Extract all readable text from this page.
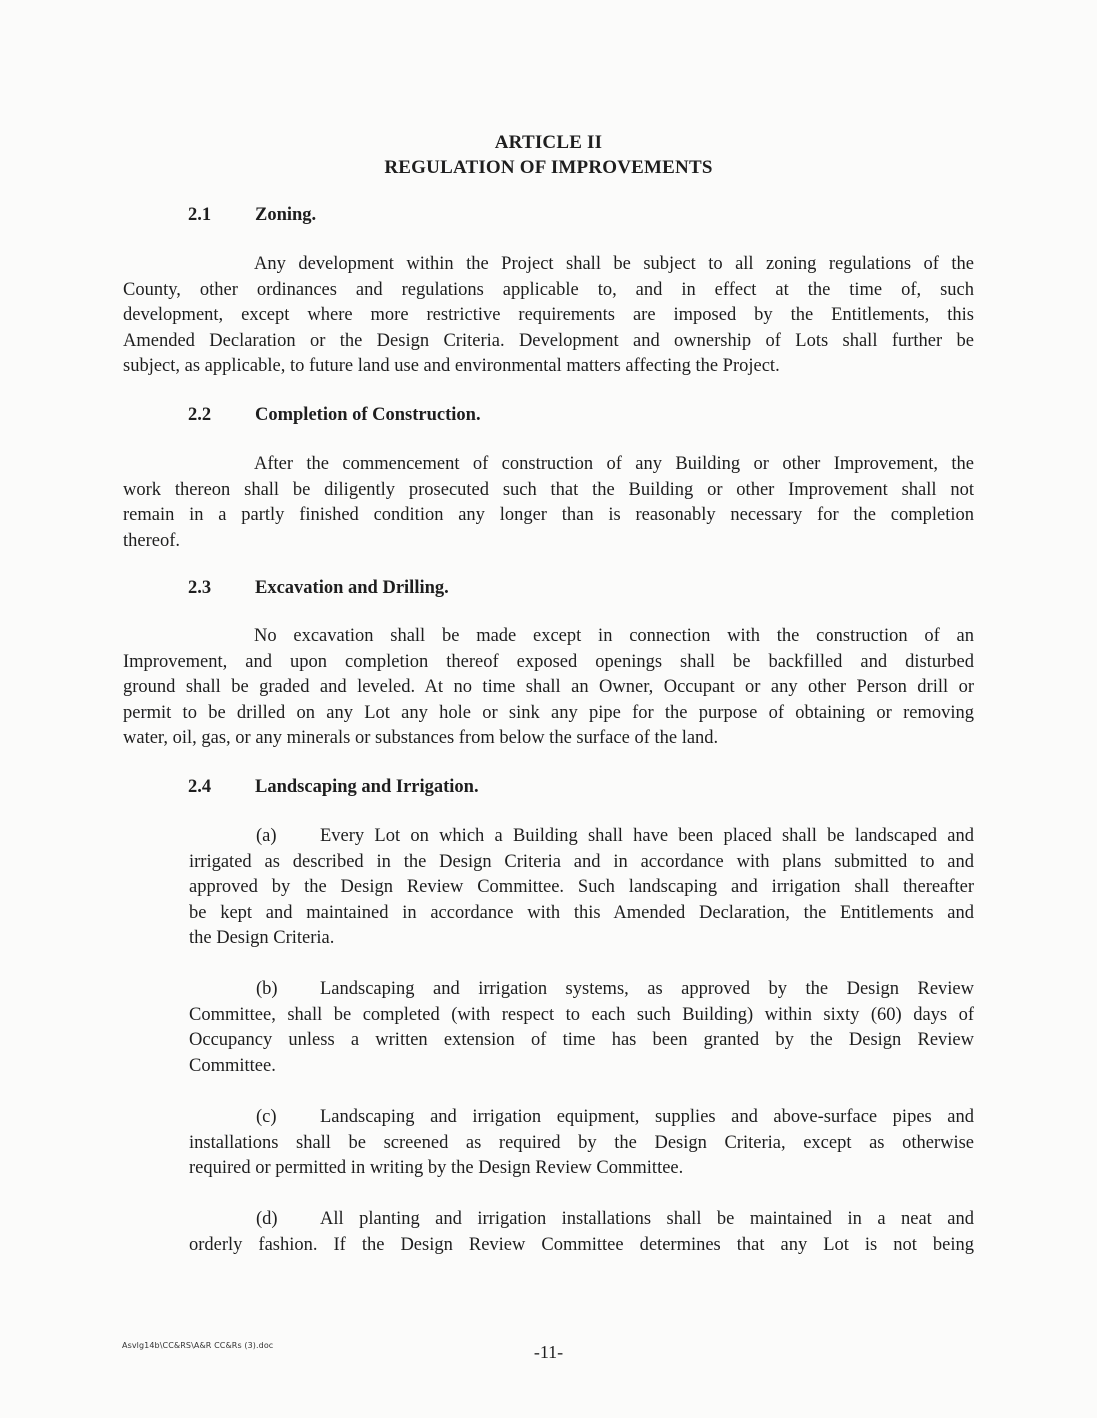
ARTICLE II
REGULATION OF IMPROVEMENTS
2.1 Zoning.
Any development within the Project shall be subject to all zoning regulations of the
County, other ordinances and regulations applicable to, and in effect at the time of, such
development, except where more restrictive requirements are imposed by the Entitlements, this
Amended Declaration or the Design Criteria. Development and ownership of Lots shall further be
subject, as applicable, to future land use and environmental matters affecting the Project.
2.2 Completion of Construction.
After the commencement of construction of any Building or other Improvement, the
work thereon shall be diligently prosecuted such that the Building or other Improvement shall not
remain in a partly finished condition any longer than is reasonably necessary for the completion
thereof.
2.3 Excavation and Drilling.
No excavation shall be made except in connection with the construction of an
Improvement, and upon completion thereof exposed openings shall be backfilled and disturbed
ground shall be graded and leveled. At no time shall an Owner, Occupant or any other Person drill or
permit to be drilled on any Lot any hole or sink any pipe for the purpose of obtaining or removing
water, oil, gas, or any minerals or substances from below the surface of the land.
2.4 Landscaping and Irrigation.
(a)	Every Lot on which a Building shall have been placed shall be landscaped and
irrigated as described in the Design Criteria and in accordance with plans submitted to and
approved by the Design Review Committee. Such landscaping and irrigation shall thereafter
be kept and maintained in accordance with this Amended Declaration, the Entitlements and
the Design Criteria.
(b)	Landscaping and irrigation systems, as approved by the Design Review
Committee, shall be completed (with respect to each such Building) within sixty (60) days of
Occupancy unless a written extension of time has been granted by the Design Review
Committee.
(c)	Landscaping and irrigation equipment, supplies and above-surface pipes and
installations shall be screened as required by the Design Criteria, except as otherwise
required or permitted in writing by the Design Review Committee.
(d)	All planting and irrigation installations shall be maintained in a neat and
orderly fashion. If the Design Review Committee determines that any Lot is not being
Asvlg14b\CC&RS\A&R CC&Rs (3).doc	-11-
